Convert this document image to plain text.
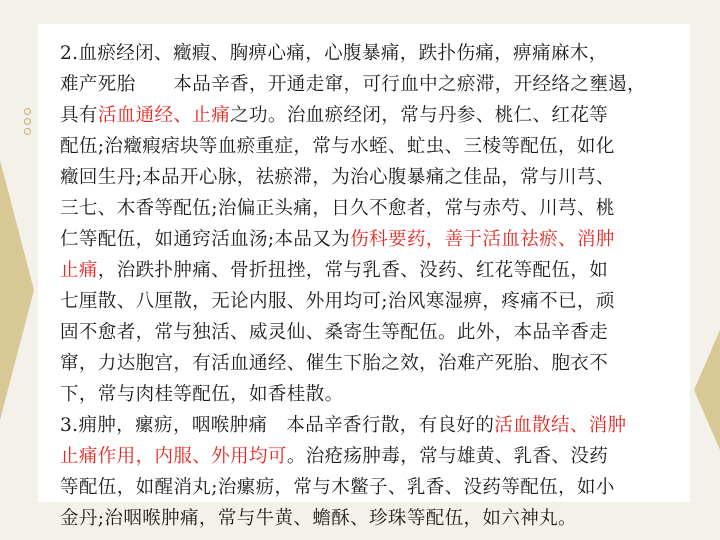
2.血瘀经闭、癥瘕、胸痹心痛，心腹暴痛，跌扑伤痛，痹痛麻木，
难产死胎　　本品辛香，开通走窜，可行血中之瘀滞，开经络之壅遏，
具有活血通经、止痛之功。治血瘀经闭，常与丹参、桃仁、红花等
配伍;治癥瘕痞块等血瘀重症，常与水蛭、虻虫、三棱等配伍，如化
癥回生丹;本品开心脉，祛瘀滞，为治心腹暴痛之佳品，常与川芎、
三七、木香等配伍;治偏正头痛，日久不愈者，常与赤芍、川芎、桃
仁等配伍，如通窍活血汤;本品又为伤科要药，善于活血祛瘀、消肿
止痛，治跌扑肿痛、骨折扭挫，常与乳香、没药、红花等配伍，如
七厘散、八厘散，无论内服、外用均可;治风寒湿痹，疼痛不已，顽
固不愈者，常与独活、威灵仙、桑寄生等配伍。此外，本品辛香走
窜，力达胞宫，有活血通经、催生下胎之效，治难产死胎、胞衣不
下，常与肉桂等配伍，如香桂散。
3.痈肿，瘰疬，咽喉肿痛　本品辛香行散，有良好的活血散结、消肿
止痛作用，内服、外用均可。治疮疡肿毒，常与雄黄、乳香、没药
等配伍，如醒消丸;治瘰疬，常与木鳖子、乳香、没药等配伍，如小
金丹;治咽喉肿痛，常与牛黄、蟾酥、珍珠等配伍，如六神丸。
